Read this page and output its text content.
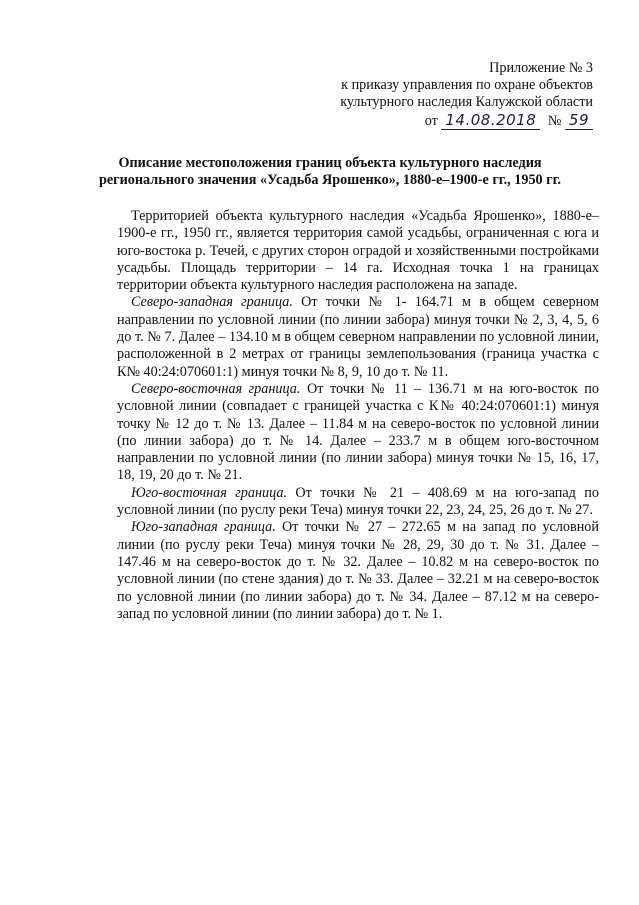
Приложение № 3
к приказу управления по охране объектов
культурного наследия Калужской области
от 14.08.2018 № 59
Описание местоположения границ объекта культурного наследия
регионального значения «Усадьба Ярошенко», 1880-е–1900-е гг., 1950 гг.

Территорией объекта культурного наследия «Усадьба Ярошенко», 1880-е–1900-е гг., 1950 гг., является территория самой усадьбы, ограниченная с юга и юго-востока р. Течей, с других сторон оградой и хозяйственными постройками усадьбы. Площадь территории – 14 га. Исходная точка 1 на границах территории объекта культурного наследия расположена на западе.

Северо-западная граница. От точки № 1- 164.71 м в общем северном направлении по условной линии (по линии забора) минуя точки № 2, 3, 4, 5, 6 до т. № 7. Далее – 134.10 м в общем северном направлении по условной линии, расположенной в 2 метрах от границы землепользования (граница участка с К№ 40:24:070601:1) минуя точки № 8, 9, 10 до т. № 11.

Северо-восточная граница. От точки № 11 – 136.71 м на юго-восток по условной линии (совпадает с границей участка с К№ 40:24:070601:1) минуя точку № 12 до т. № 13. Далее – 11.84 м на северо-восток по условной линии (по линии забора) до т. № 14. Далее – 233.7 м в общем юго-восточном направлении по условной линии (по линии забора) минуя точки № 15, 16, 17, 18, 19, 20 до т. № 21.

Юго-восточная граница. От точки № 21 – 408.69 м на юго-запад по условной линии (по руслу реки Теча) минуя точки 22, 23, 24, 25, 26 до т. № 27.

Юго-западная граница. От точки № 27 – 272.65 м на запад по условной линии (по руслу реки Теча) минуя точки № 28, 29, 30 до т. № 31. Далее – 147.46 м на северо-восток до т. № 32. Далее – 10.82 м на северо-восток по условной линии (по стене здания) до т. № 33. Далее – 32.21 м на северо-восток по условной линии (по линии забора) до т. № 34. Далее – 87.12 м на северо-запад по условной линии (по линии забора) до т. № 1.
